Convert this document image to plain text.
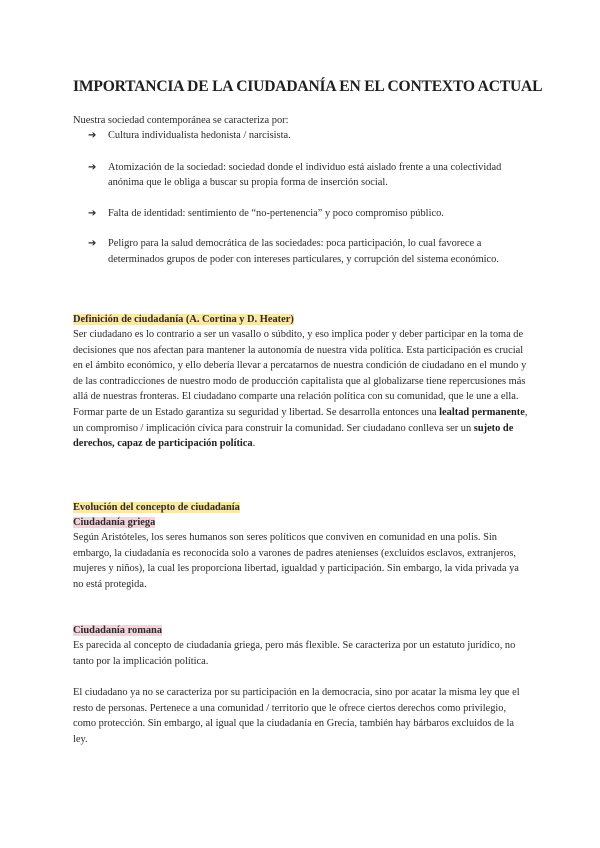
IMPORTANCIA DE LA CIUDADANÍA EN EL CONTEXTO ACTUAL

Nuestra sociedad contemporánea se caracteriza por:

➔ Cultura individualista hedonista / narcisista.
➔ Atomización de la sociedad: sociedad donde el individuo está aislado frente a una colectividad anónima que le obliga a buscar su propia forma de inserción social.
➔ Falta de identidad: sentimiento de “no-pertenencia” y poco compromiso público.
➔ Peligro para la salud democrática de las sociedades: poca participación, lo cual favorece a determinados grupos de poder con intereses particulares, y corrupción del sistema económico.

Definición de ciudadanía (A. Cortina y D. Heater)

Ser ciudadano es lo contrario a ser un vasallo o súbdito, y eso implica poder y deber participar en la toma de decisiones que nos afectan para mantener la autonomía de nuestra vida política. Esta participación es crucial en el ámbito económico, y ello debería llevar a percatarnos de nuestra condición de ciudadano en el mundo y de las contradicciones de nuestro modo de producción capitalista que al globalizarse tiene repercusiones más allá de nuestras fronteras. El ciudadano comparte una relación política con su comunidad, que le une a ella. Formar parte de un Estado garantiza su seguridad y libertad. Se desarrolla entonces una lealtad permanente, un compromiso / implicación cívica para construir la comunidad. Ser ciudadano conlleva ser un sujeto de derechos, capaz de participación política.

Evolución del concepto de ciudadanía

Ciudadanía griega

Según Aristóteles, los seres humanos son seres políticos que conviven en comunidad en una polis. Sin embargo, la ciudadanía es reconocida solo a varones de padres atenienses (excluidos esclavos, extranjeros, mujeres y niños), la cual les proporciona libertad, igualdad y participación. Sin embargo, la vida privada ya no está protegida.

Ciudadanía romana

Es parecida al concepto de ciudadanía griega, pero más flexible. Se caracteriza por un estatuto jurídico, no tanto por la implicación política.

El ciudadano ya no se caracteriza por su participación en la democracia, sino por acatar la misma ley que el resto de personas. Pertenece a una comunidad / territorio que le ofrece ciertos derechos como privilegio, como protección. Sin embargo, al igual que la ciudadanía en Grecia, también hay bárbaros excluidos de la ley.
